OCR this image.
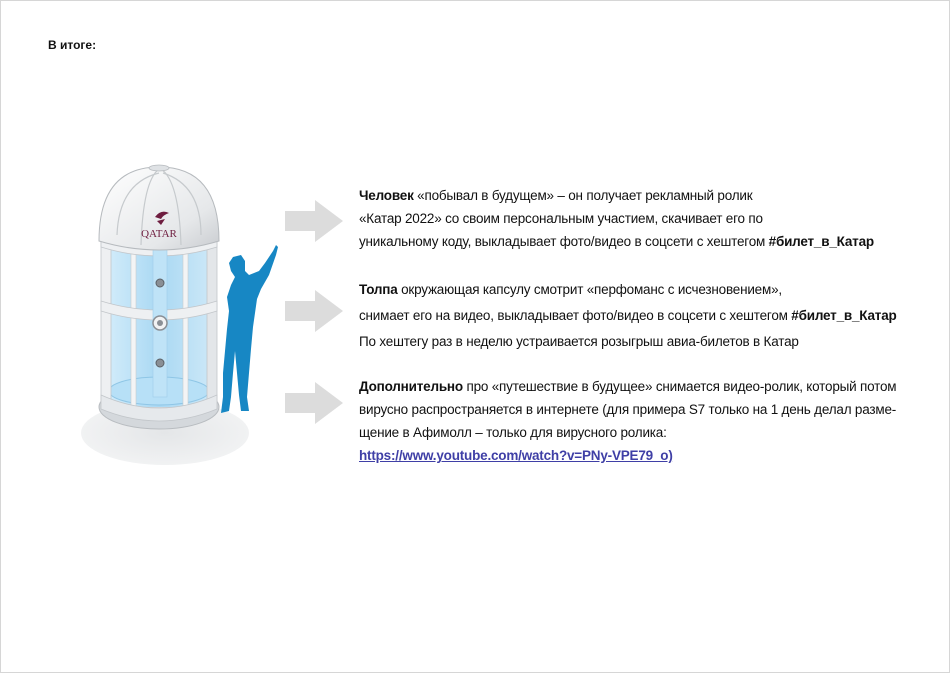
В итоге:
QATAR
Человек «побывал в будущем» – он получает рекламный ролик
«Катар 2022» со своим персональным участием, скачивает его по
уникальному коду, выкладывает фото/видео в соцсети с хештегом #билет_в_Катар
Толпа окружающая капсулу смотрит «перфоманс с исчезновением»,
снимает его на видео, выкладывает фото/видео в соцсети с хештегом #билет_в_Катар
По хештегу раз в неделю устраивается розыгрыш авиа-билетов в Катар
Дополнительно про «путешествие в будущее» снимается видео-ролик, который потом
вирусно распространяется в интернете (для примера S7 только на 1 день делал разме-
щение в Афимолл – только для вирусного ролика:
https://www.youtube.com/watch?v=PNy-VPE79_o)
